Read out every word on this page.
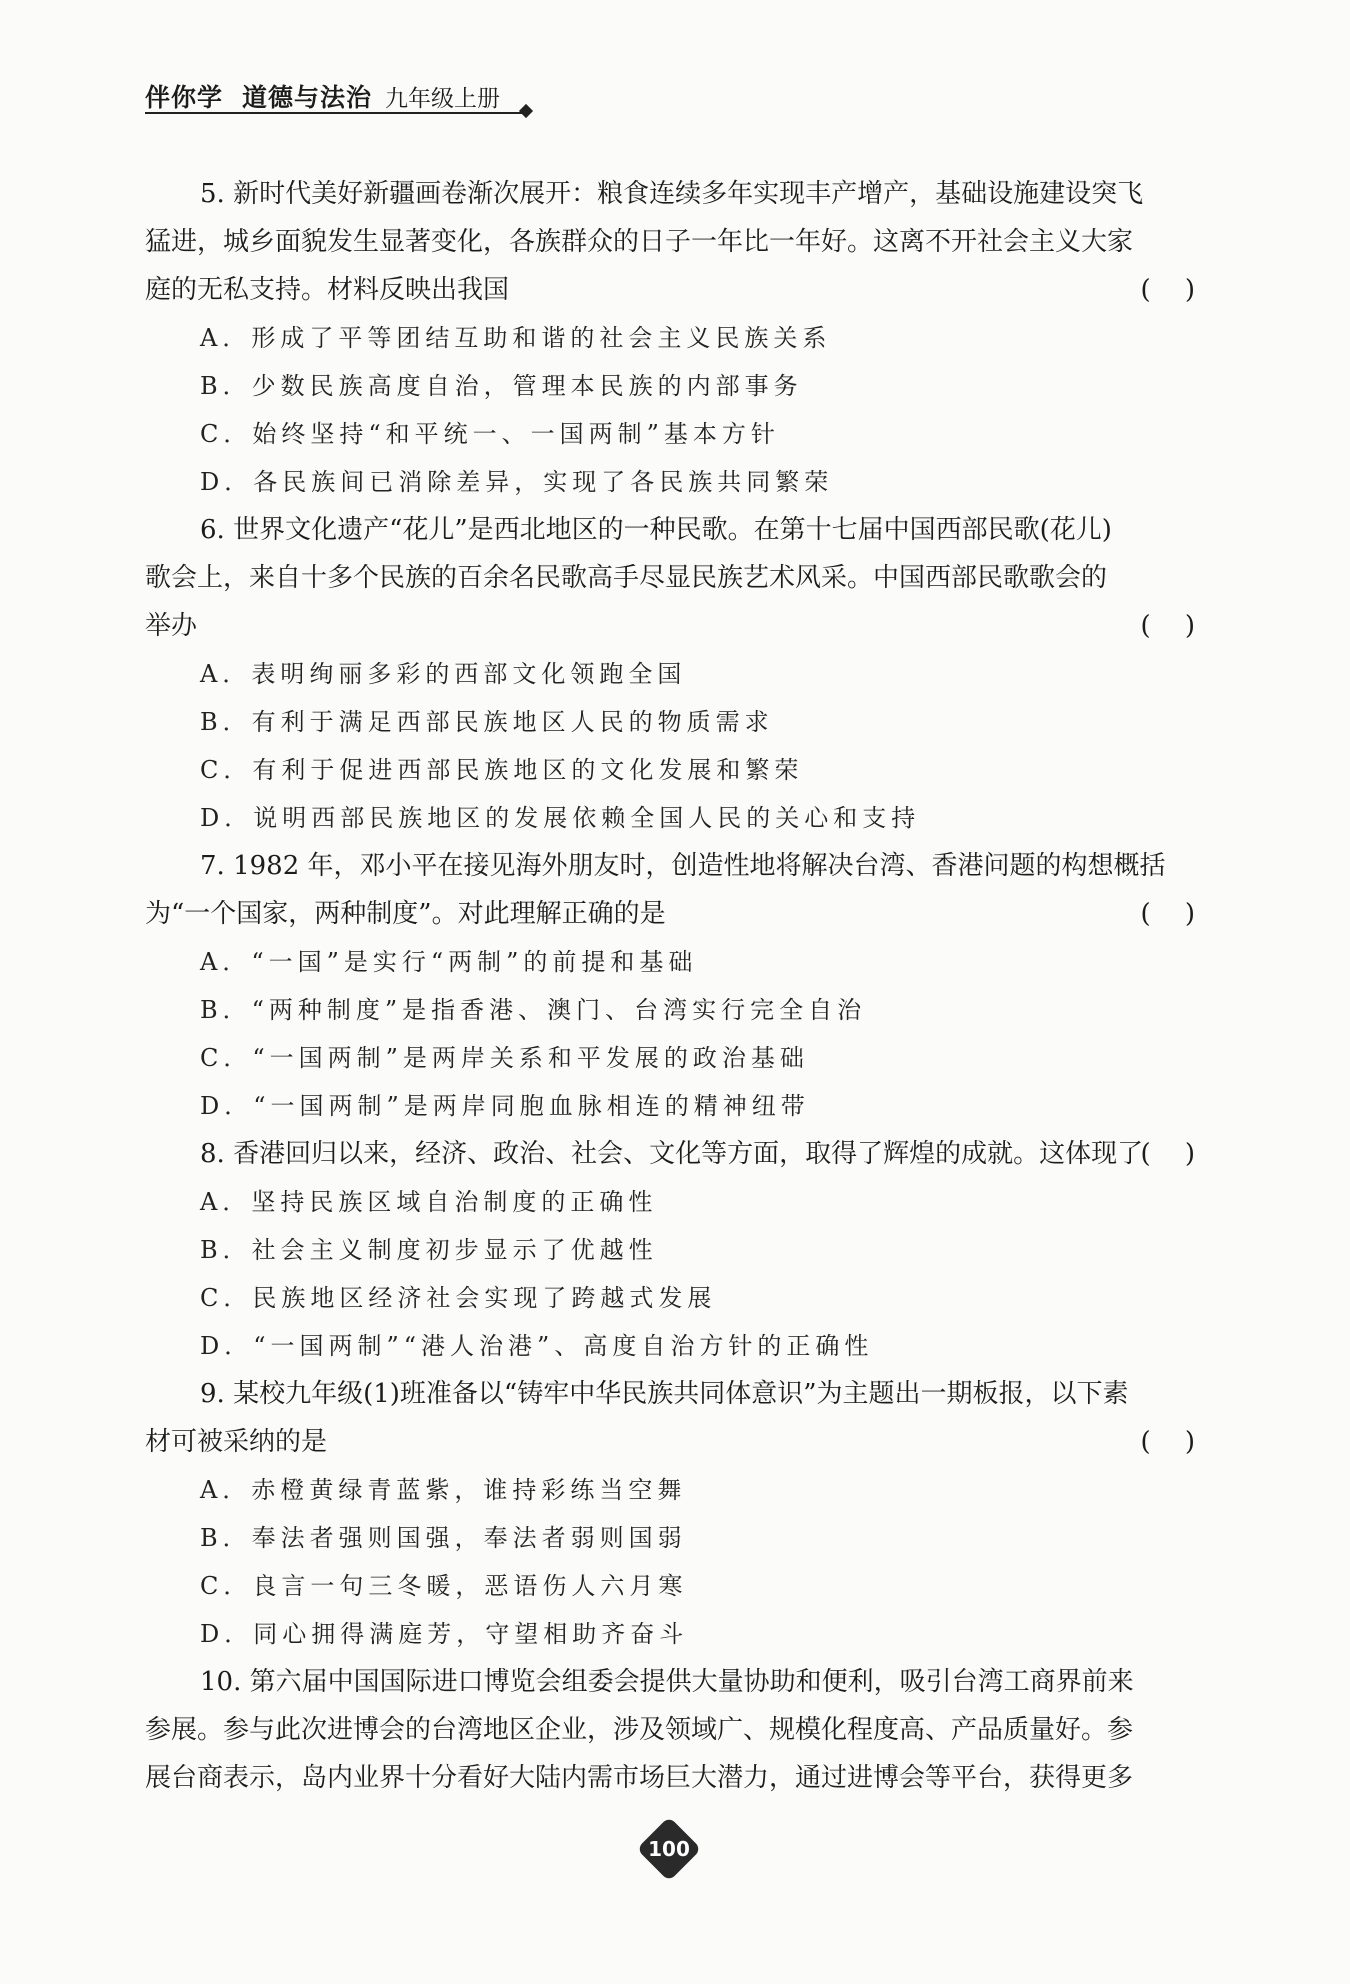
伴你学 道德与法治 九年级上册
5. 新时代美好新疆画卷渐次展开：粮食连续多年实现丰产增产，基础设施建设突飞
猛进，城乡面貌发生显著变化，各族群众的日子一年比一年好。这离不开社会主义大家
庭的无私支持。材料反映出我国	(　 )
A．形成了平等团结互助和谐的社会主义民族关系
B．少数民族高度自治，管理本民族的内部事务
C．始终坚持“和平统一、一国两制”基本方针
D．各民族间已消除差异，实现了各民族共同繁荣
6. 世界文化遗产“花儿”是西北地区的一种民歌。在第十七届中国西部民歌(花儿)
歌会上，来自十多个民族的百余名民歌高手尽显民族艺术风采。中国西部民歌歌会的
举办	(　 )
A．表明绚丽多彩的西部文化领跑全国
B．有利于满足西部民族地区人民的物质需求
C．有利于促进西部民族地区的文化发展和繁荣
D．说明西部民族地区的发展依赖全国人民的关心和支持
7. 1982 年，邓小平在接见海外朋友时，创造性地将解决台湾、香港问题的构想概括
为“一个国家，两种制度”。对此理解正确的是	(　 )
A．“一国”是实行“两制”的前提和基础
B．“两种制度”是指香港、澳门、台湾实行完全自治
C．“一国两制”是两岸关系和平发展的政治基础
D．“一国两制”是两岸同胞血脉相连的精神纽带
8. 香港回归以来，经济、政治、社会、文化等方面，取得了辉煌的成就。这体现了
(　 )
A．坚持民族区域自治制度的正确性
B．社会主义制度初步显示了优越性
C．民族地区经济社会实现了跨越式发展
D．“一国两制”“港人治港”、高度自治方针的正确性
9. 某校九年级(1)班准备以“铸牢中华民族共同体意识”为主题出一期板报，以下素
材可被采纳的是	(　 )
A．赤橙黄绿青蓝紫，谁持彩练当空舞
B．奉法者强则国强，奉法者弱则国弱
C．良言一句三冬暖，恶语伤人六月寒
D．同心拥得满庭芳，守望相助齐奋斗
10. 第六届中国国际进口博览会组委会提供大量协助和便利，吸引台湾工商界前来
参展。参与此次进博会的台湾地区企业，涉及领域广、规模化程度高、产品质量好。参
展台商表示，岛内业界十分看好大陆内需市场巨大潜力，通过进博会等平台，获得更多
100
